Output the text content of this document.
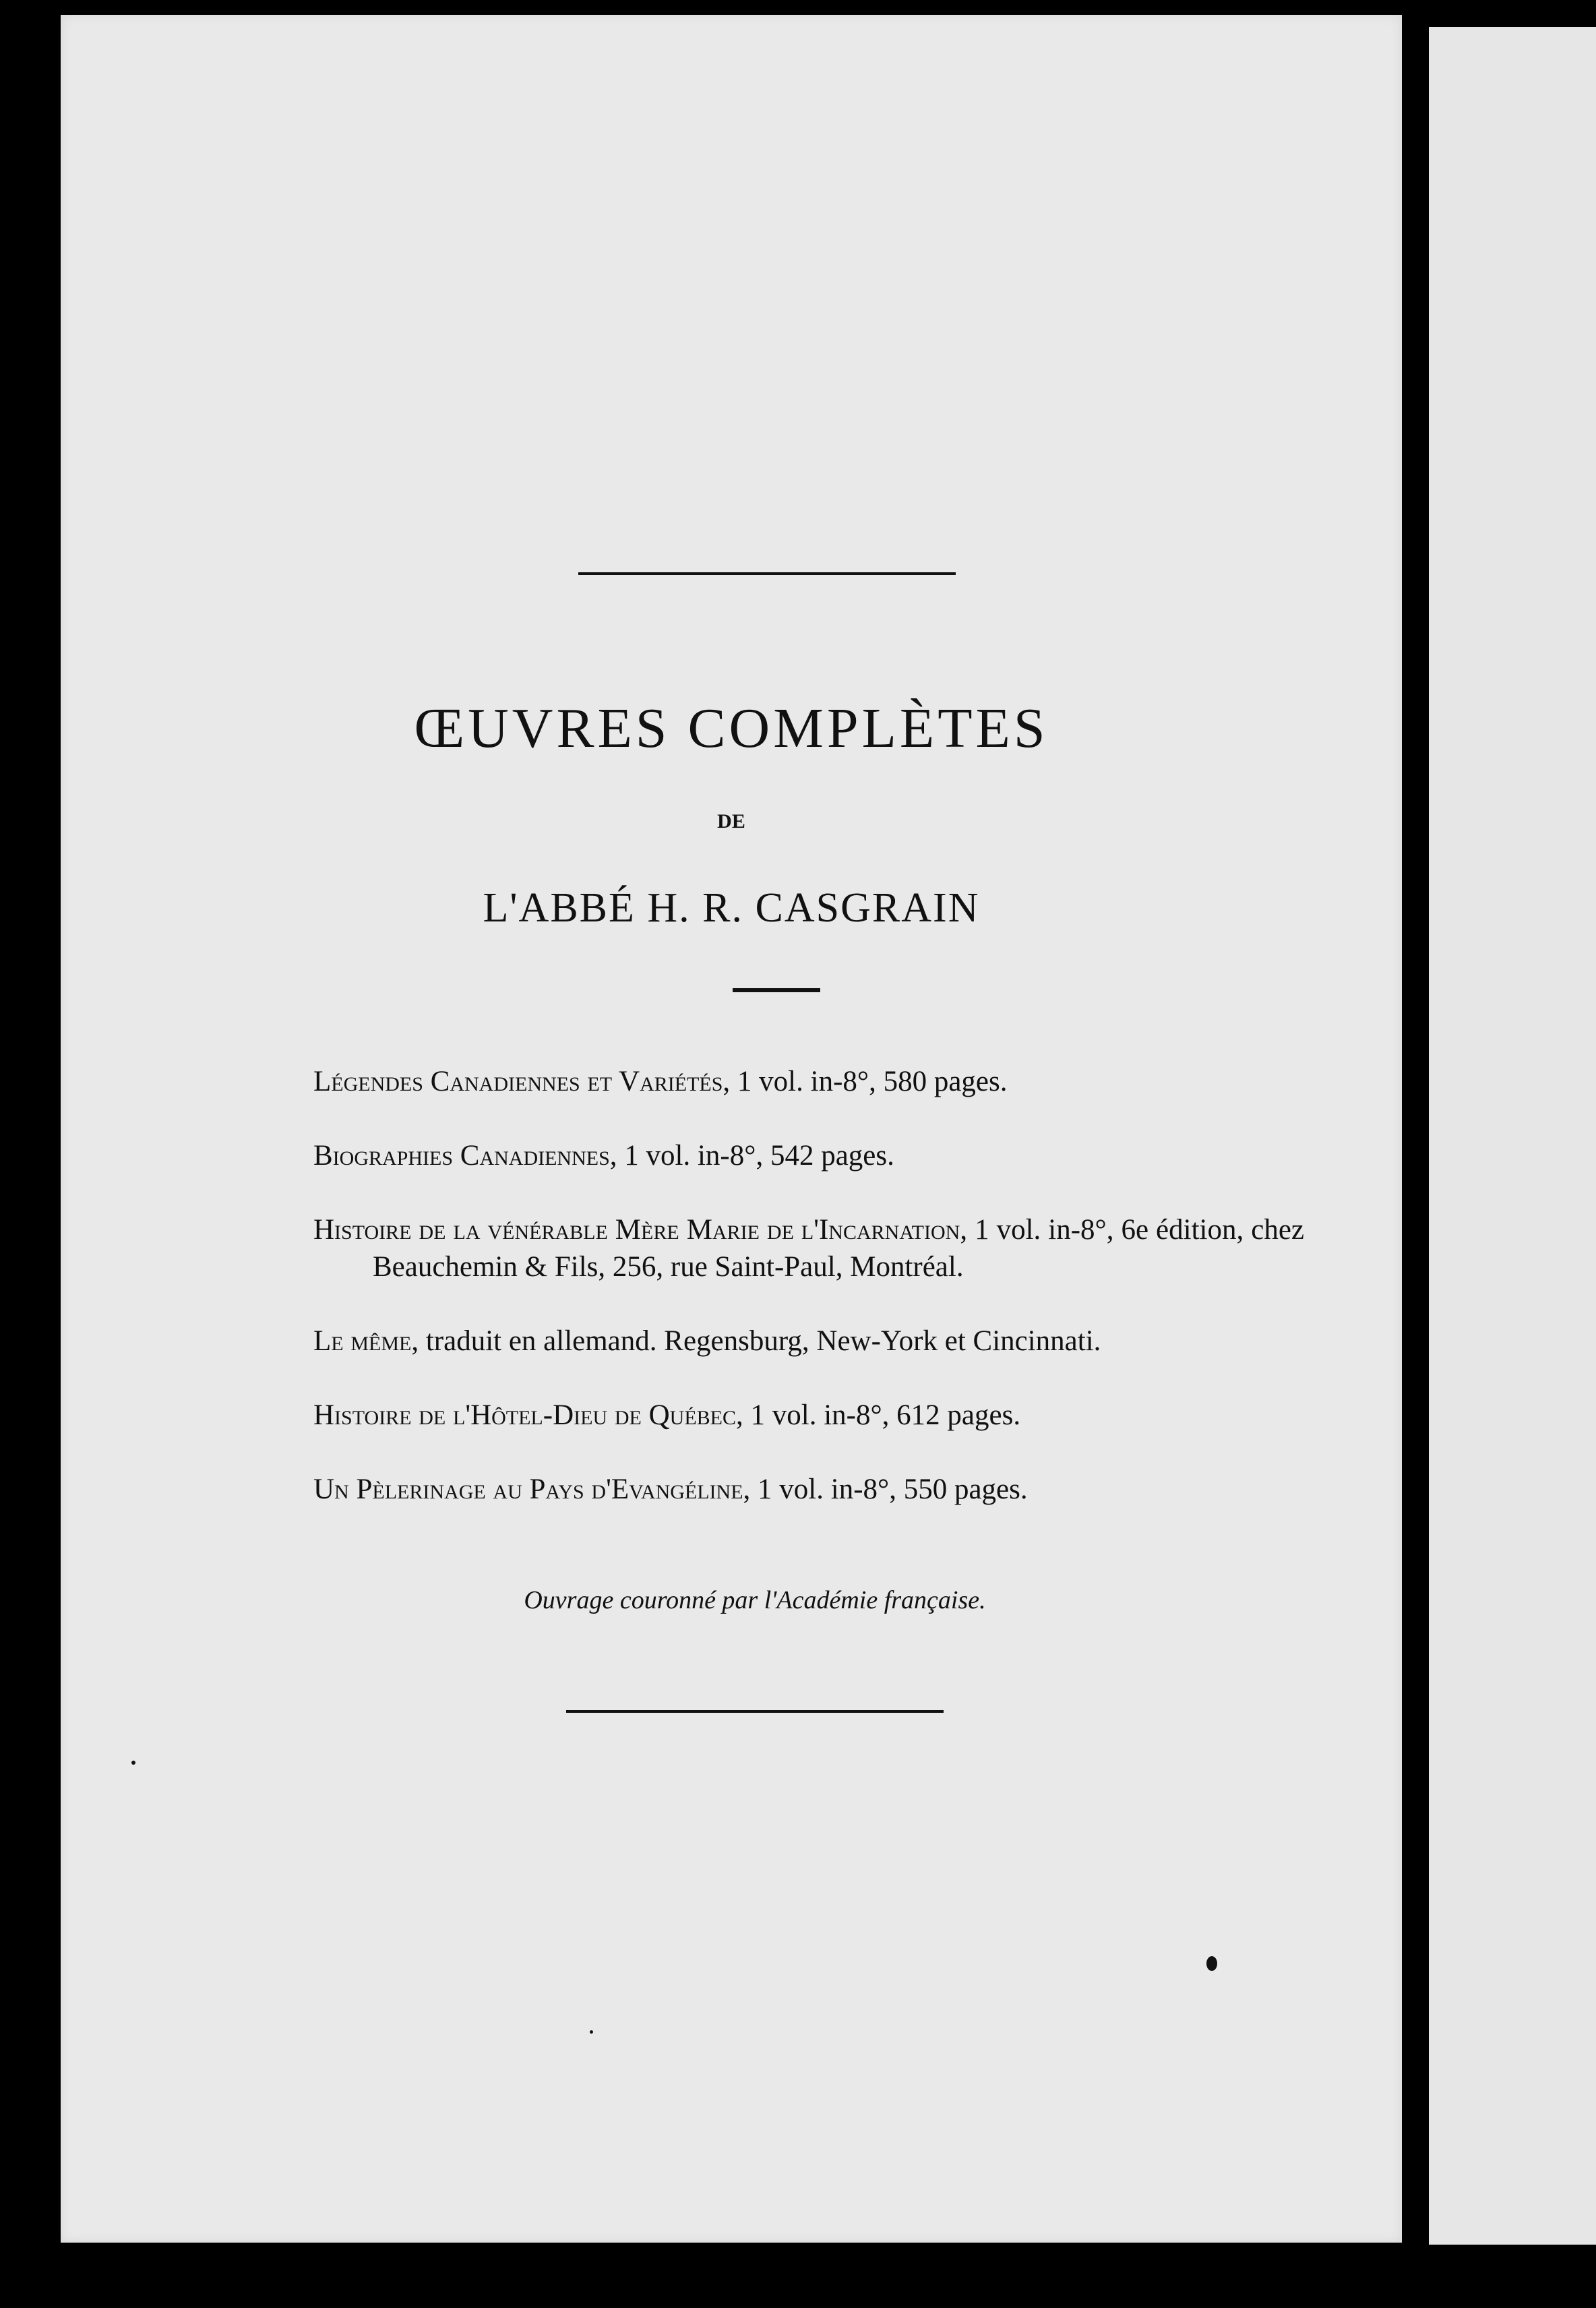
ŒUVRES COMPLÈTES
DE
L'ABBÉ H. R. CASGRAIN

Légendes Canadiennes et Variétés, 1 vol. in-8°, 580 pages.

Biographies Canadiennes, 1 vol. in-8°, 542 pages.

Histoire de la vénérable Mère Marie de l'Incarnation, 1 vol. in-8°, 6e édition, chez Beauchemin & Fils, 256, rue Saint-Paul, Montréal.

Le même, traduit en allemand. Regensburg, New-York et Cincinnati.

Histoire de l'Hôtel-Dieu de Québec, 1 vol. in-8°, 612 pages.

Un Pèlerinage au Pays d'Evangéline, 1 vol. in-8°, 550 pages.

Ouvrage couronné par l'Académie française.
